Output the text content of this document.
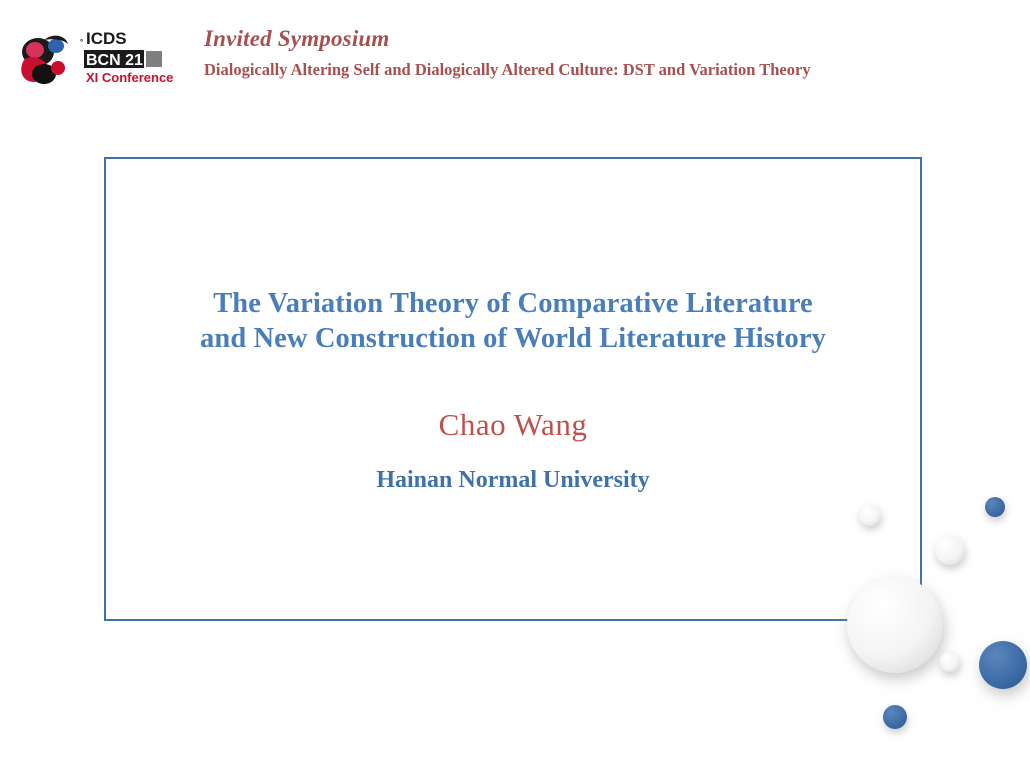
ICDS
°
BCN 21
XI Conference
Invited Symposium
Dialogically Altering Self and Dialogically Altered Culture: DST and Variation Theory
The Variation Theory of Comparative Literature
and New Construction of World Literature History
Chao Wang
Hainan Normal University
